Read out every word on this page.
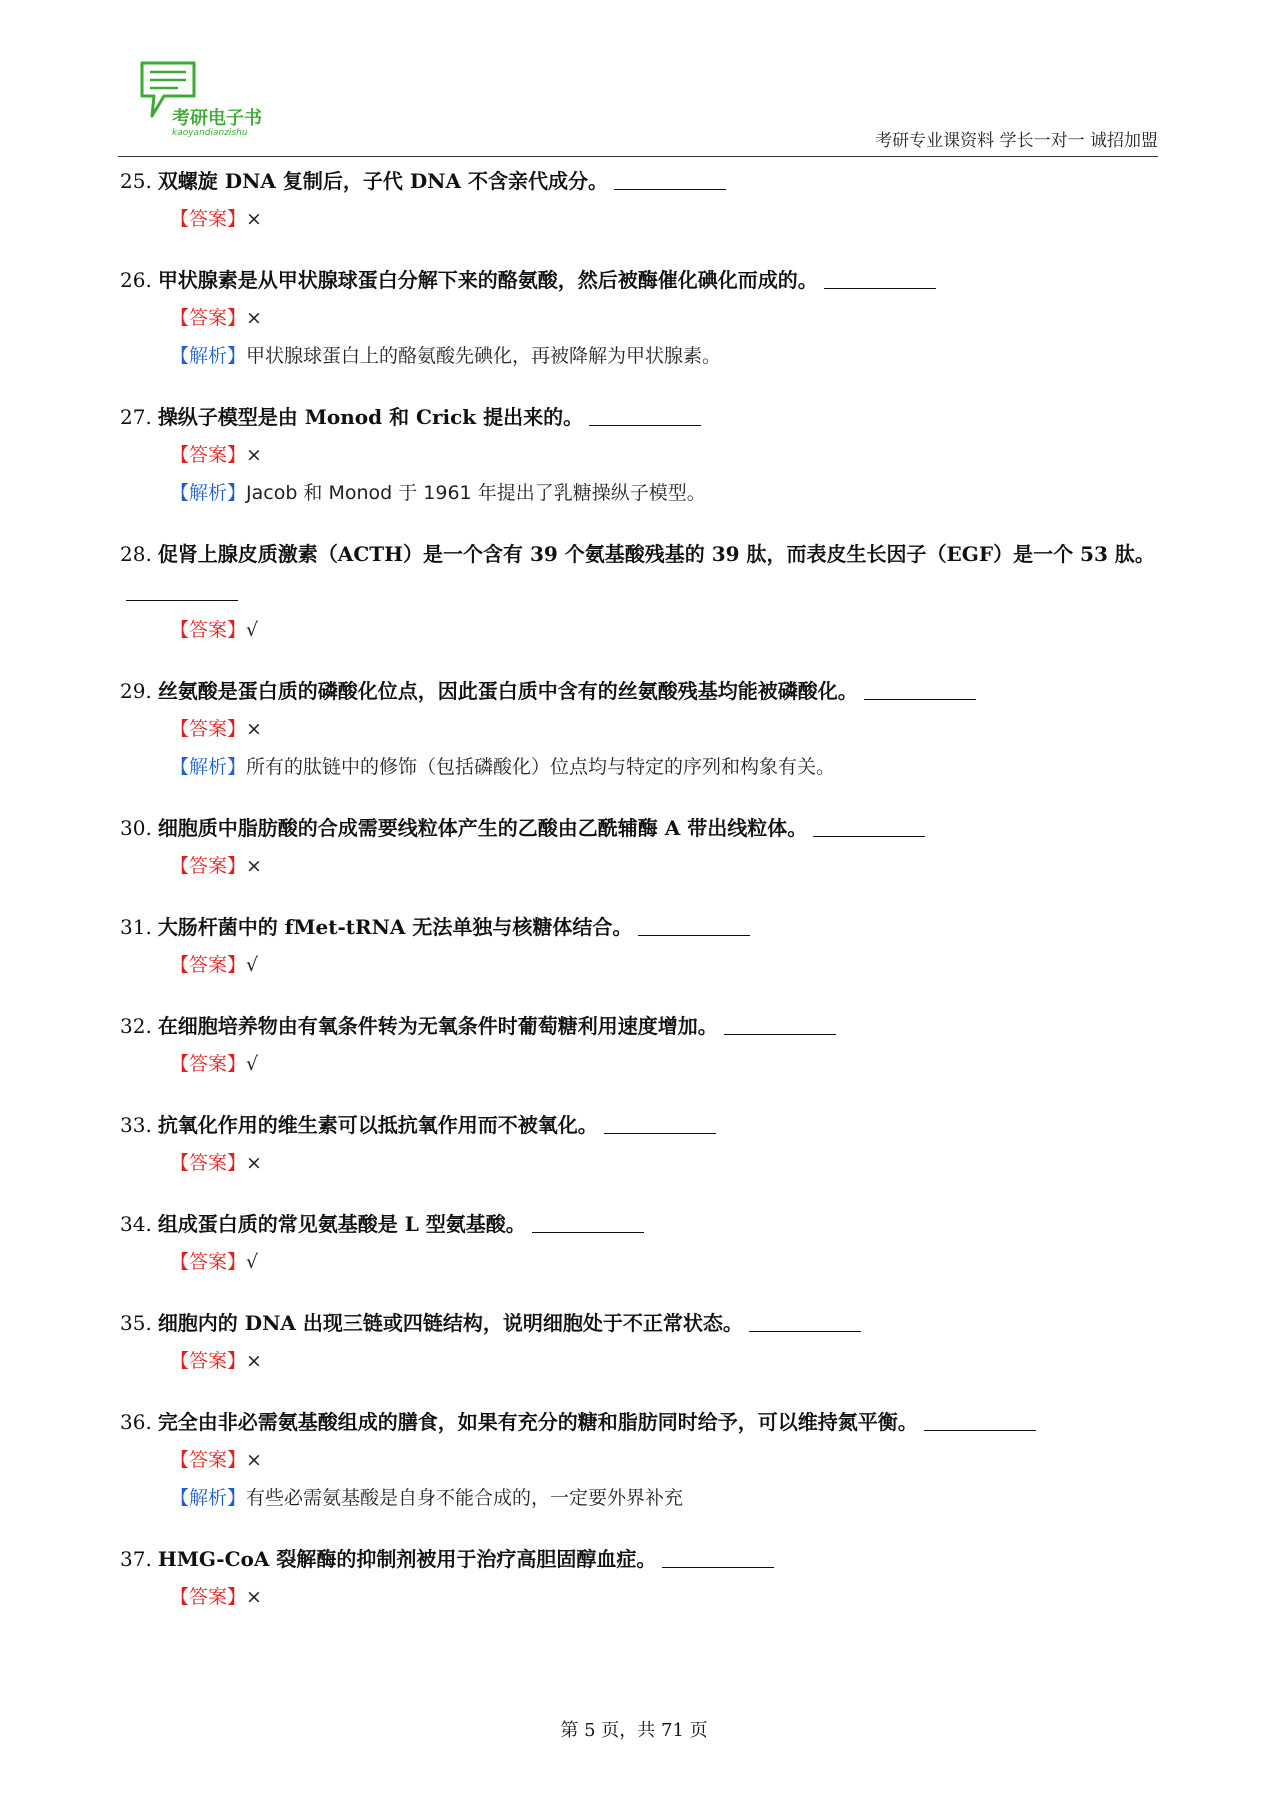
考研电子书
kaoyandianzishu	考研专业课资料 学长一对一 诚招加盟
25. 双螺旋 DNA 复制后，子代 DNA 不含亲代成分。
【答案】×
26. 甲状腺素是从甲状腺球蛋白分解下来的酪氨酸，然后被酶催化碘化而成的。
【答案】×
【解析】甲状腺球蛋白上的酪氨酸先碘化，再被降解为甲状腺素。
27. 操纵子模型是由 Monod 和 Crick 提出来的。
【答案】×
【解析】Jacob 和 Monod 于 1961 年提出了乳糖操纵子模型。
28. 促肾上腺皮质激素（ACTH）是一个含有 39 个氨基酸残基的 39 肽，而表皮生长因子（EGF）是一个 53 肽。
【答案】√
29. 丝氨酸是蛋白质的磷酸化位点，因此蛋白质中含有的丝氨酸残基均能被磷酸化。
【答案】×
【解析】所有的肽链中的修饰（包括磷酸化）位点均与特定的序列和构象有关。
30. 细胞质中脂肪酸的合成需要线粒体产生的乙酸由乙酰辅酶 A 带出线粒体。
【答案】×
31. 大肠杆菌中的 fMet-tRNA 无法单独与核糖体结合。
【答案】√
32. 在细胞培养物由有氧条件转为无氧条件时葡萄糖利用速度增加。
【答案】√
33. 抗氧化作用的维生素可以抵抗氧作用而不被氧化。
【答案】×
34. 组成蛋白质的常见氨基酸是 L 型氨基酸。
【答案】√
35. 细胞内的 DNA 出现三链或四链结构，说明细胞处于不正常状态。
【答案】×
36. 完全由非必需氨基酸组成的膳食，如果有充分的糖和脂肪同时给予，可以维持氮平衡。
【答案】×
【解析】有些必需氨基酸是自身不能合成的，一定要外界补充
37. HMG-CoA 裂解酶的抑制剂被用于治疗高胆固醇血症。
【答案】×
第 5 页，共 71 页
